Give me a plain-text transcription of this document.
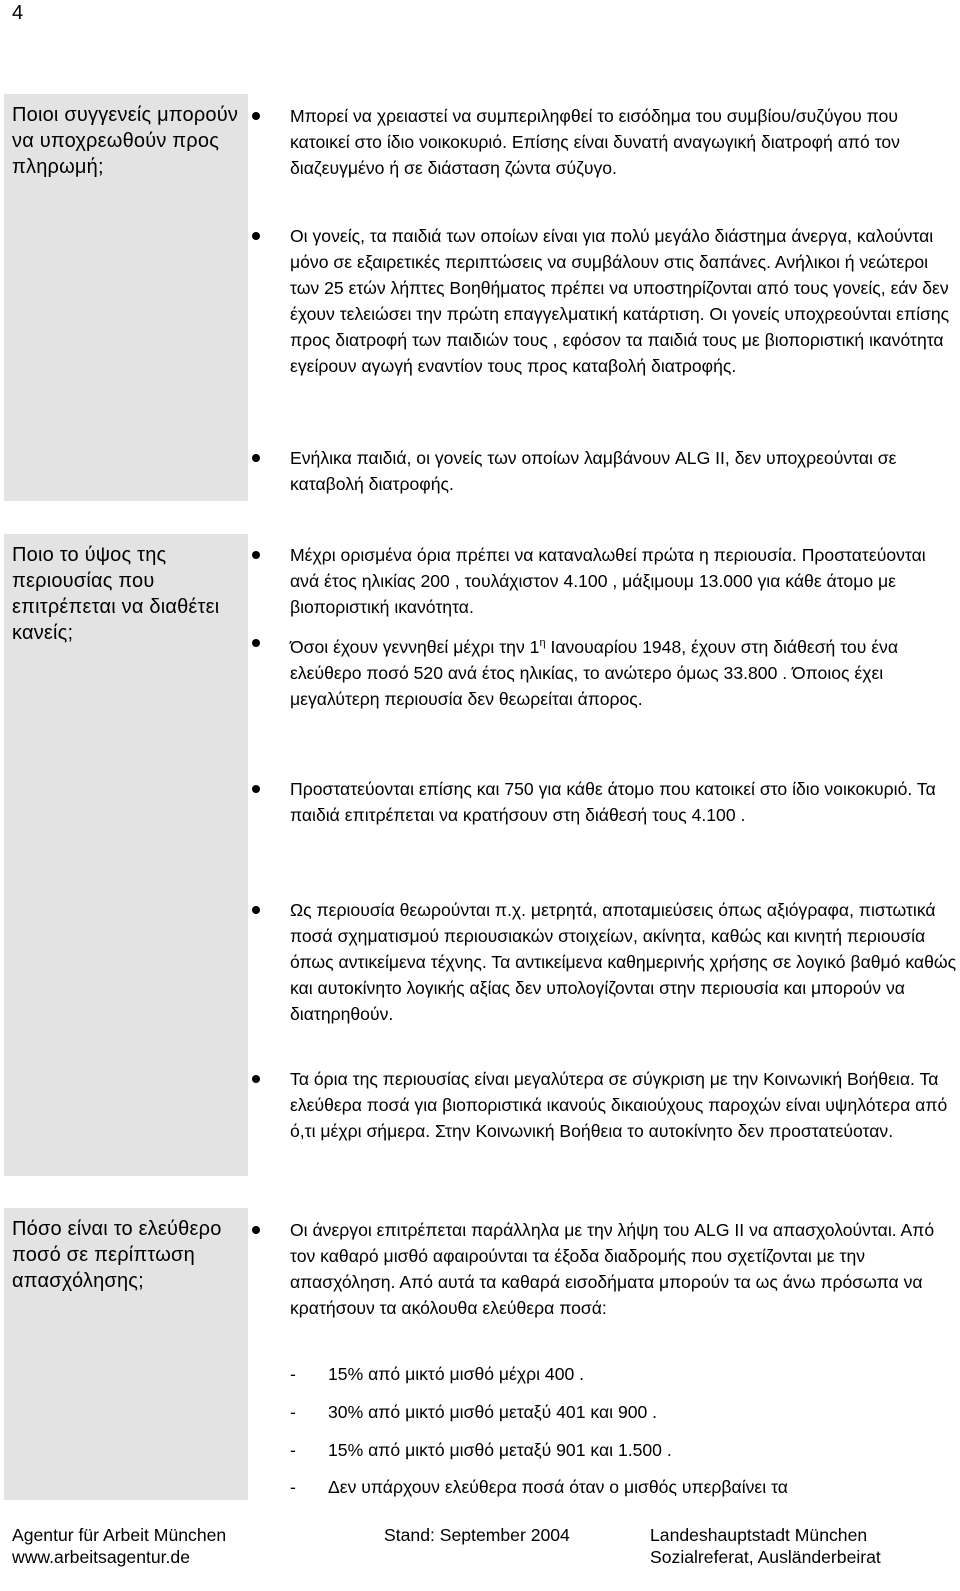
4
Ποιοι συγγενείς μπορούν να υποχρεωθούν προς πληρωμή;
Μπορεί να χρειαστεί να συμπεριληφθεί το εισόδημα του συμβίου/συζύγου που κατοικεί στο ίδιο νοικοκυριό. Επίσης είναι δυνατή αναγωγική διατροφή από τον διαζευγμένο ή σε διάσταση ζώντα σύζυγο.
Οι γονείς, τα παιδιά των οποίων είναι για πολύ μεγάλο διάστημα άνεργα, καλούνται μόνο σε εξαιρετικές περιπτώσεις να συμβάλουν στις δαπάνες. Ανήλικοι ή νεώτεροι των 25 ετών λήπτες Βοηθήματος πρέπει να υποστηρίζονται από τους γονείς, εάν δεν έχουν τελειώσει την πρώτη επαγγελματική κατάρτιση. Οι γονείς υποχρεούνται επίσης προς διατροφή των παιδιών τους , εφόσον τα παιδιά τους με βιοποριστική ικανότητα εγείρουν αγωγή εναντίον τους προς καταβολή διατροφής.
Ενήλικα παιδιά, οι γονείς των οποίων λαμβάνουν ALG II, δεν υποχρεούνται σε καταβολή διατροφής.
Ποιο το ύψος της περιουσίας που επιτρέπεται να διαθέτει κανείς;
Μέχρι ορισμένα όρια πρέπει να καταναλωθεί πρώτα η περιουσία. Προστατεύονται ανά έτος ηλικίας 200 , τουλάχιστον 4.100 , μάξιμουμ 13.000 για κάθε άτομο με βιοποριστική ικανότητα.
Όσοι έχουν γεννηθεί μέχρι την $1^\eta$ Ιανουαρίου 1948, έχουν στη διάθεσή του ένα ελεύθερο ποσό 520 ανά έτος ηλικίας, το ανώτερο όμως 33.800 . Όποιος έχει μεγαλύτερη περιουσία δεν θεωρείται άπορος.
Προστατεύονται επίσης και 750 για κάθε άτομο που κατοικεί στο ίδιο νοικοκυριό. Τα παιδιά επιτρέπεται να κρατήσουν στη διάθεσή τους 4.100 .
Ως περιουσία θεωρούνται π.χ. μετρητά, αποταμιεύσεις όπως αξιόγραφα, πιστωτικά ποσά σχηματισμού περιουσιακών στοιχείων, ακίνητα, καθώς και κινητή περιουσία όπως αντικείμενα τέχνης. Τα αντικείμενα καθημερινής χρήσης σε λογικό βαθμό καθώς και αυτοκίνητο λογικής αξίας δεν υπολογίζονται στην περιουσία και μπορούν να διατηρηθούν.
Τα όρια της περιουσίας είναι μεγαλύτερα σε σύγκριση με την Κοινωνική Βοήθεια. Τα ελεύθερα ποσά για βιοποριστικά ικανούς δικαιούχους παροχών είναι υψηλότερα από ό,τι μέχρι σήμερα. Στην Κοινωνική Βοήθεια το αυτοκίνητο δεν προστατεύοταν.
Πόσο είναι το ελεύθερο ποσό σε περίπτωση απασχόλησης;
Οι άνεργοι επιτρέπεται παράλληλα με την λήψη του ALG II να απασχολούνται. Από τον καθαρό μισθό αφαιρούνται τα έξοδα διαδρομής που σχετίζονται με την απασχόληση. Από αυτά τα καθαρά εισοδήματα μπορούν τα ως άνω πρόσωπα να κρατήσουν τα ακόλουθα ελεύθερα ποσά:
- 15% από μικτό μισθό μέχρι 400 .
- 30% από μικτό μισθό μεταξύ 401 και 900 .
- 15% από μικτό μισθό μεταξύ 901 και 1.500 .
- Δεν υπάρχουν ελεύθερα ποσά όταν ο μισθός υπερβαίνει τα
Agentur für Arbeit München
www.arbeitsagentur.de
Stand: September 2004	Landeshauptstadt München
Sozialreferat, Ausländerbeirat
